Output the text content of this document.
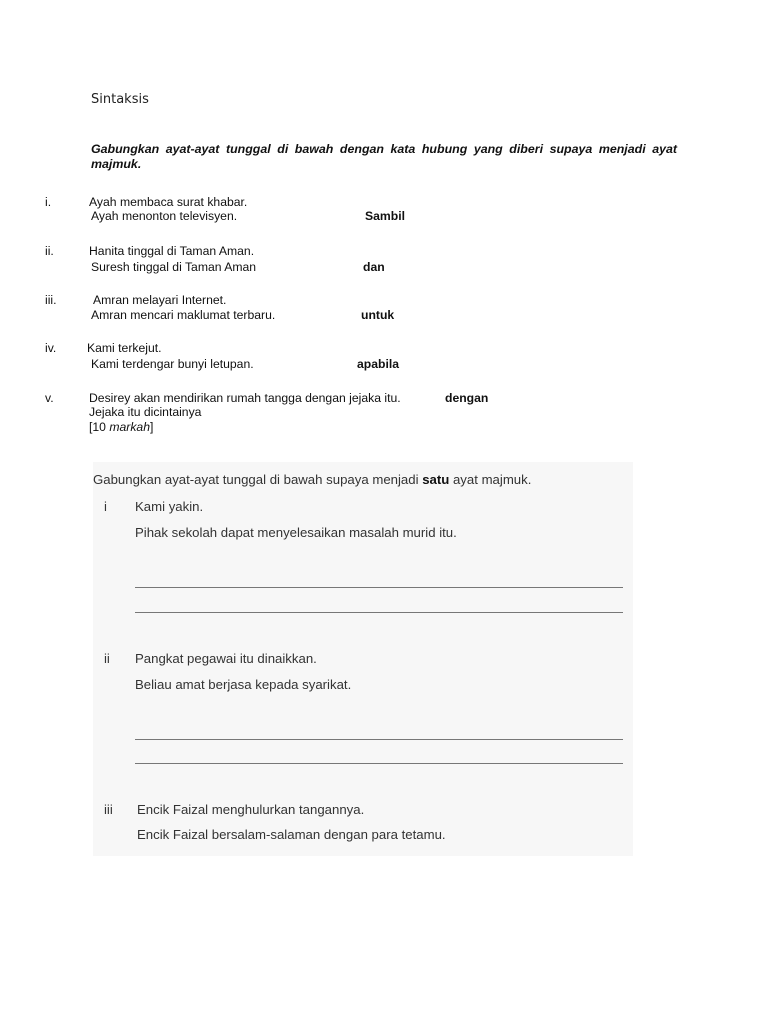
Sintaksis
Gabungkan ayat-ayat tunggal di bawah dengan kata hubung yang diberi supaya menjadi ayat majmuk.
i.	Ayah membaca surat khabar.
Ayah menonton televisyen.	Sambil
ii.	Hanita tinggal di Taman Aman.
Suresh tinggal di Taman Aman	dan
iii.	Amran melayari Internet.
Amran mencari maklumat terbaru.	untuk
iv.	Kami terkejut.
Kami terdengar bunyi letupan.	apabila
v.	Desirey akan mendirikan rumah tangga dengan jejaka itu.	dengan
Jejaka itu dicintainya
[10 markah]
Gabungkan ayat-ayat tunggal di bawah supaya menjadi satu ayat majmuk.
i Kami yakin.
Pihak sekolah dapat menyelesaikan masalah murid itu.
ii Pangkat pegawai itu dinaikkan.
Beliau amat berjasa kepada syarikat.
iii Encik Faizal menghulurkan tangannya.
Encik Faizal bersalam-salaman dengan para tetamu.
